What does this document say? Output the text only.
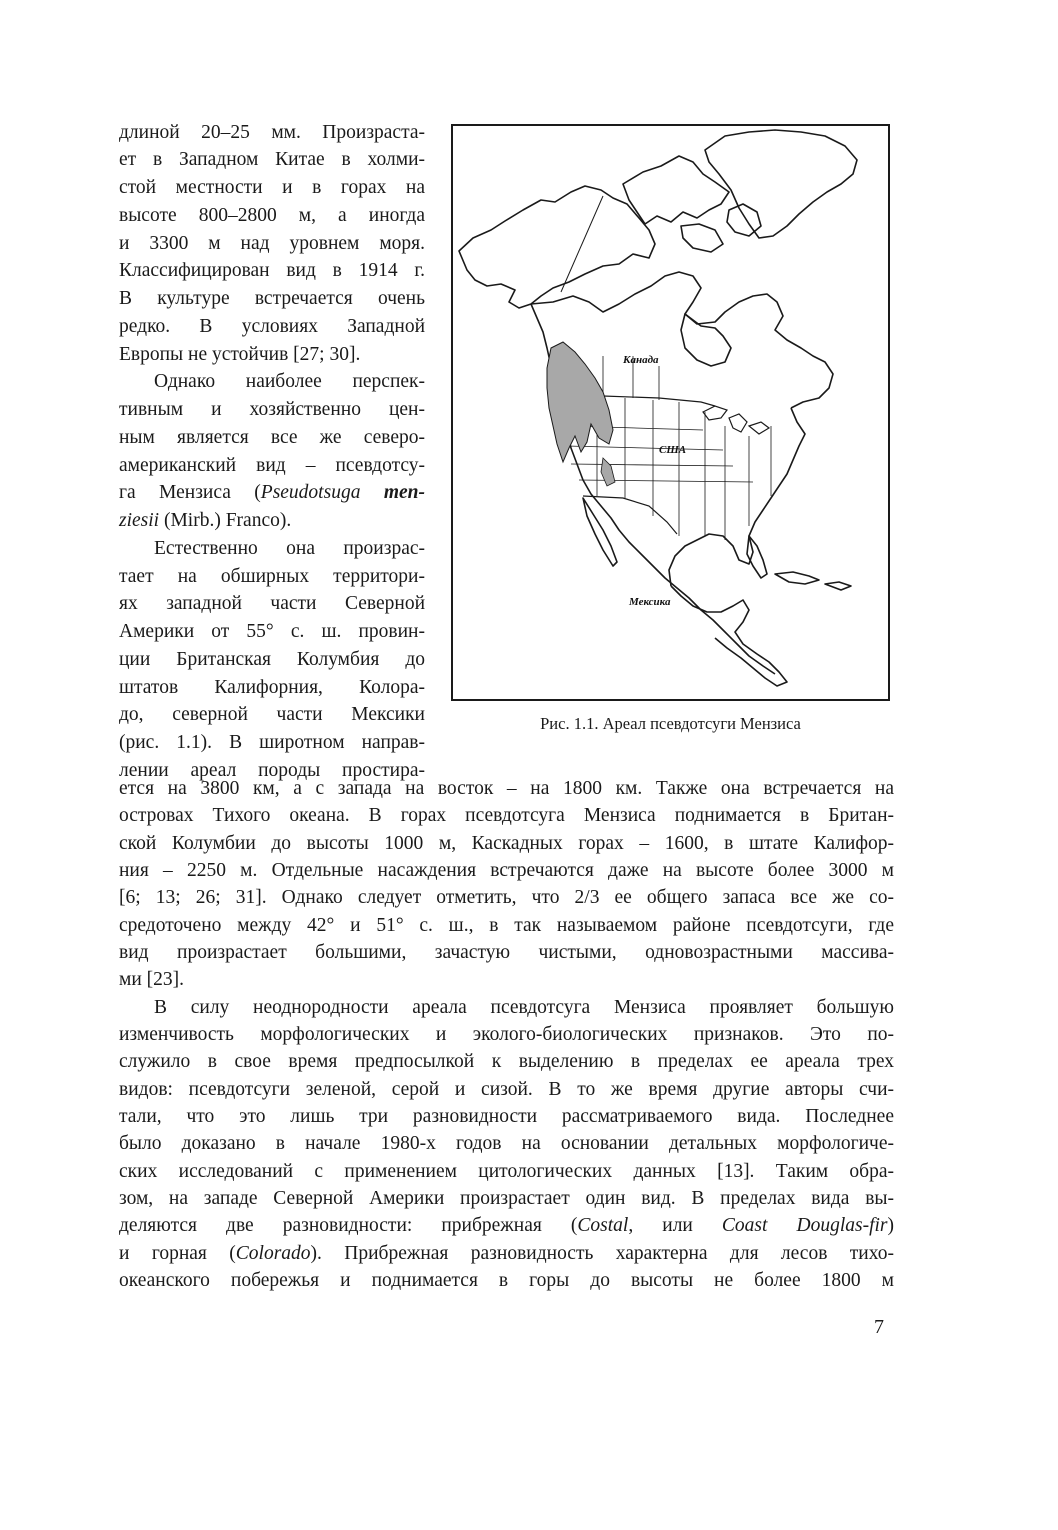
длиной 20–25 мм. Произраста-
ет в Западном Китае в холми-
стой местности и в горах на
высоте 800–2800 м, а иногда
и 3300 м над уровнем моря.
Классифицирован вид в 1914 г.
В культуре встречается очень
редко. В условиях Западной
Европы не устойчив [27; 30].
Однако наиболее перспек-
тивным и хозяйственно цен-
ным является все же северо-
американский вид – псевдотсу-
га Мензиса (Pseudotsuga men-
ziesii (Mirb.) Franco).
Естественно она произрас-
тает на обширных территори-
ях западной части Северной
Америки от 55° с. ш. провин-
ции Британская Колумбия до
штатов Калифорния, Колора-
до, северной части Мексики
(рис. 1.1). В широтном направ-
лении ареал породы простира-
ется на 3800 км, а с запада на восток – на 1800 км. Также она встречается на
островах Тихого океана. В горах псевдотсуга Мензиса поднимается в Британ-
ской Колумбии до высоты 1000 м, Каскадных горах – 1600, в штате Калифор-
ния – 2250 м. Отдельные насаждения встречаются даже на высоте более 3000 м
[6; 13; 26; 31]. Однако следует отметить, что 2/3 ее общего запаса все же со-
средоточено между 42° и 51° с. ш., в так называемом районе псевдотсуги, где
вид произрастает большими, зачастую чистыми, одновозрастными массива-
ми [23].
В силу неоднородности ареала псевдотсуга Мензиса проявляет большую
изменчивость морфологических и эколого-биологических признаков. Это по-
служило в свое время предпосылкой к выделению в пределах ее ареала трех
видов: псевдотсуги зеленой, серой и сизой. В то же время другие авторы счи-
тали, что это лишь три разновидности рассматриваемого вида. Последнее
было доказано в начале 1980-х годов на основании детальных морфологиче-
ских исследований с применением цитологических данных [13]. Таким обра-
зом, на западе Северной Америки произрастает один вид. В пределах вида вы-
деляются две разновидности: прибрежная (Costal, или Coast Douglas-fir)
и горная (Colorado). Прибрежная разновидность характерна для лесов тихо-
океанского побережья и поднимается в горы до высоты не более 1800 м
Канада
США
Мексика
Рис. 1.1. Ареал псевдотсуги Мензиса
7
